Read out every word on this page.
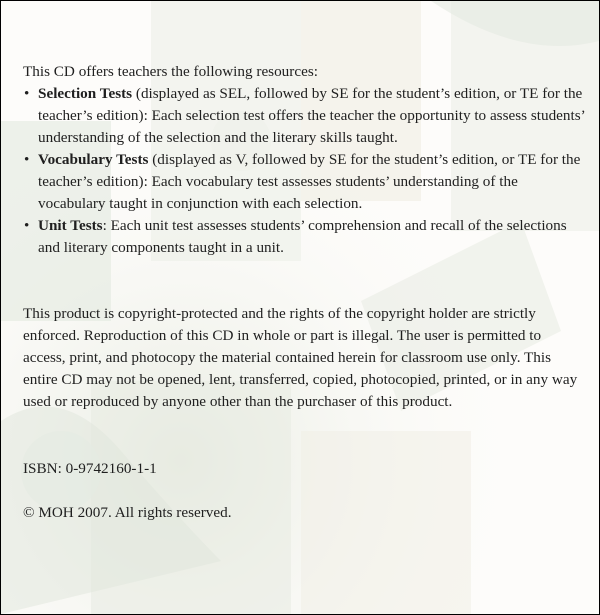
This CD offers teachers the following resources:

• Selection Tests (displayed as SEL, followed by SE for the student’s edition, or TE for the teacher’s edition): Each selection test offers the teacher the opportunity to assess students’ understanding of the selection and the literary skills taught.
• Vocabulary Tests (displayed as V, followed by SE for the student’s edition, or TE for the teacher’s edition): Each vocabulary test assesses students’ understanding of the vocabulary taught in conjunction with each selection.
• Unit Tests: Each unit test assesses students’ comprehension and recall of the selections and literary components taught in a unit.

This product is copyright-protected and the rights of the copyright holder are strictly enforced. Reproduction of this CD in whole or part is illegal. The user is permitted to access, print, and photocopy the material contained herein for classroom use only. This entire CD may not be opened, lent, transferred, copied, photocopied, printed, or in any way used or reproduced by anyone other than the purchaser of this product.

ISBN: 0-9742160-1-1

© MOH 2007. All rights reserved.
